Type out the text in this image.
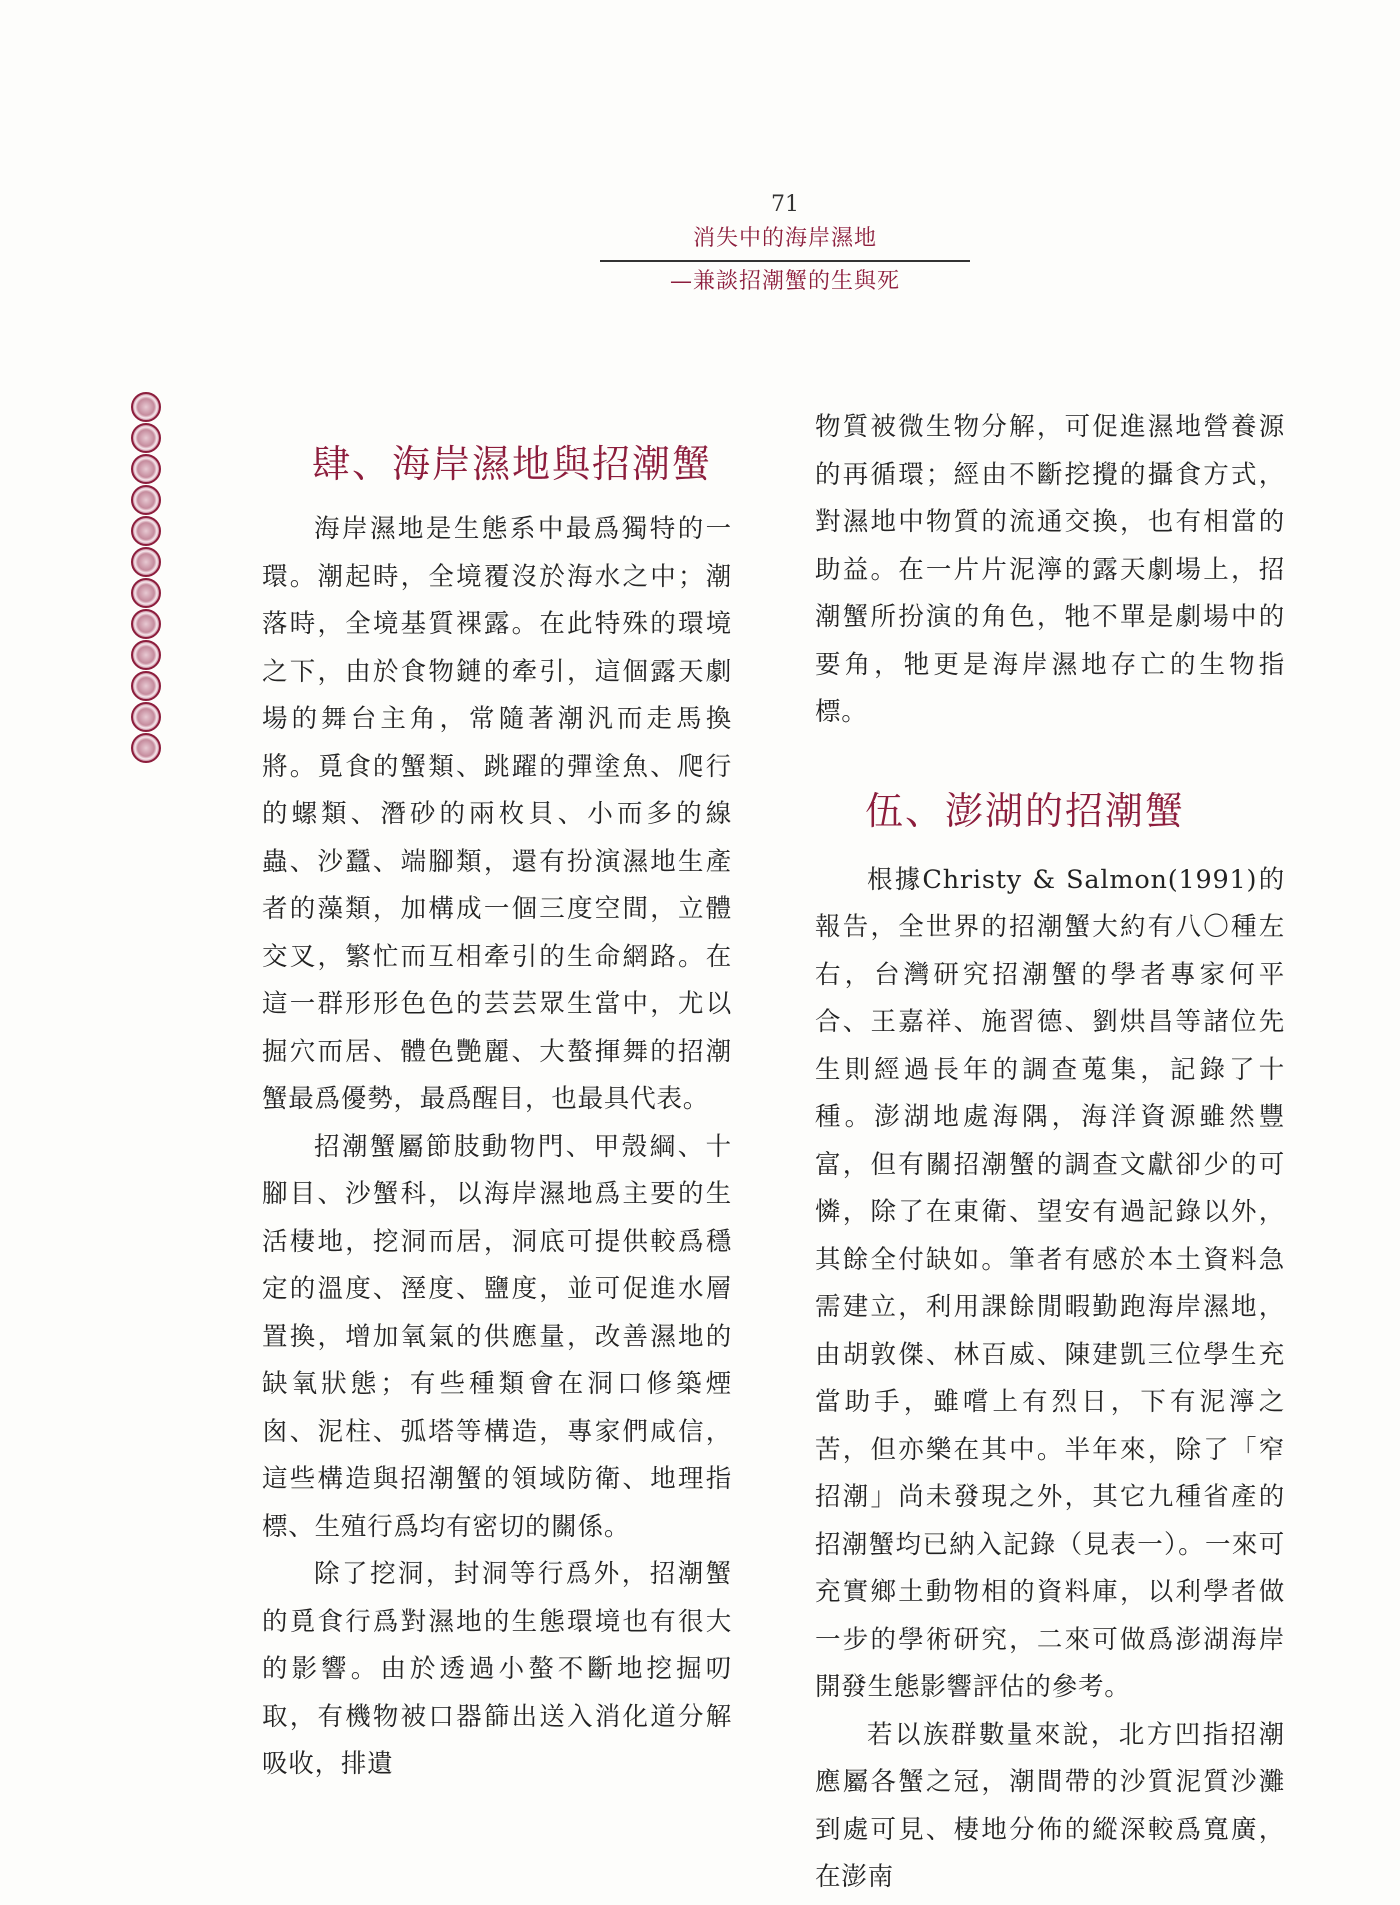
71
消失中的海岸濕地
—兼談招潮蟹的生與死
肆、海岸濕地與招潮蟹

海岸濕地是生態系中最爲獨特的一環。潮起時，全境覆沒於海水之中；潮落時，全境基質裸露。在此特殊的環境之下，由於食物鏈的牽引，這個露天劇場的舞台主角，常隨著潮汎而走馬換將。覓食的蟹類、跳躍的彈塗魚、爬行的螺類、潛砂的兩枚貝、小而多的線蟲、沙蠶、端腳類，還有扮演濕地生產者的藻類，加構成一個三度空間，立體交叉，繁忙而互相牽引的生命網路。在這一群形形色色的芸芸眾生當中，尤以掘穴而居、體色艷麗、大螯揮舞的招潮蟹最爲優勢，最爲醒目，也最具代表。

招潮蟹屬節肢動物門、甲殼綱、十腳目、沙蟹科，以海岸濕地爲主要的生活棲地，挖洞而居，洞底可提供較爲穩定的溫度、溼度、鹽度，並可促進水層置換，增加氧氣的供應量，改善濕地的缺氧狀態；有些種類會在洞口修築煙囪、泥柱、弧塔等構造，專家們咸信，這些構造與招潮蟹的領域防衛、地理指標、生殖行爲均有密切的關係。

除了挖洞，封洞等行爲外，招潮蟹的覓食行爲對濕地的生態環境也有很大的影響。由於透過小螯不斷地挖掘叨取，有機物被口器篩出送入消化道分解吸收，排遺

物質被微生物分解，可促進濕地營養源的再循環；經由不斷挖攪的攝食方式，對濕地中物質的流通交換，也有相當的助益。在一片片泥濘的露天劇場上，招潮蟹所扮演的角色，牠不單是劇場中的要角，牠更是海岸濕地存亡的生物指標。

伍、澎湖的招潮蟹

根據Christy & Salmon(1991)的報告，全世界的招潮蟹大約有八〇種左右，台灣研究招潮蟹的學者專家何平合、王嘉祥、施習德、劉烘昌等諸位先生則經過長年的調查蒐集，記錄了十種。澎湖地處海隅，海洋資源雖然豐富，但有關招潮蟹的調查文獻卻少的可憐，除了在東衛、望安有過記錄以外，其餘全付缺如。筆者有感於本土資料急需建立，利用課餘閒暇勤跑海岸濕地，由胡敦傑、林百威、陳建凱三位學生充當助手，雖嚐上有烈日，下有泥濘之苦，但亦樂在其中。半年來，除了「窄招潮」尚未發現之外，其它九種省產的招潮蟹均已納入記錄（見表一）。一來可充實鄉土動物相的資料庫，以利學者做一步的學術研究，二來可做爲澎湖海岸開發生態影響評估的參考。

若以族群數量來說，北方凹指招潮應屬各蟹之冠，潮間帶的沙質泥質沙灘到處可見、棲地分佈的縱深較爲寬廣，在澎南
